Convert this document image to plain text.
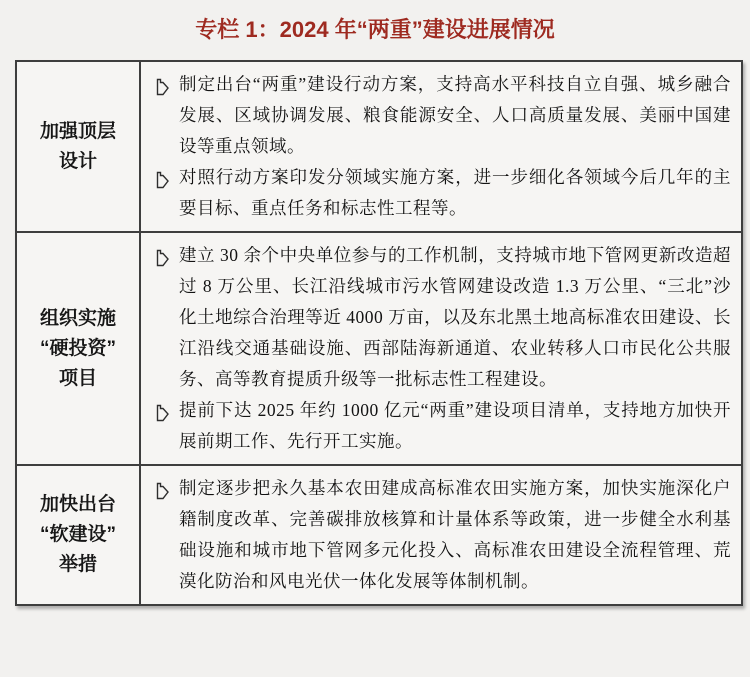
专栏 1：2024 年“两重”建设进展情况
加强顶层
设计
制定出台“两重”建设行动方案，支持高水平科技自立自强、城乡融合发展、区域协调发展、粮食能源安全、人口高质量发展、美丽中国建设等重点领域。
对照行动方案印发分领域实施方案，进一步细化各领域今后几年的主要目标、重点任务和标志性工程等。
组织实施
“硬投资”
项目
建立 30 余个中央单位参与的工作机制，支持城市地下管网更新改造超过 8 万公里、长江沿线城市污水管网建设改造 1.3 万公里、“三北”沙化土地综合治理等近 4000 万亩，以及东北黑土地高标准农田建设、长江沿线交通基础设施、西部陆海新通道、农业转移人口市民化公共服务、高等教育提质升级等一批标志性工程建设。
提前下达 2025 年约 1000 亿元“两重”建设项目清单，支持地方加快开展前期工作、先行开工实施。
加快出台
“软建设”
举措
制定逐步把永久基本农田建成高标准农田实施方案，加快实施深化户籍制度改革、完善碳排放核算和计量体系等政策，进一步健全水利基础设施和城市地下管网多元化投入、高标准农田建设全流程管理、荒漠化防治和风电光伏一体化发展等体制机制。
